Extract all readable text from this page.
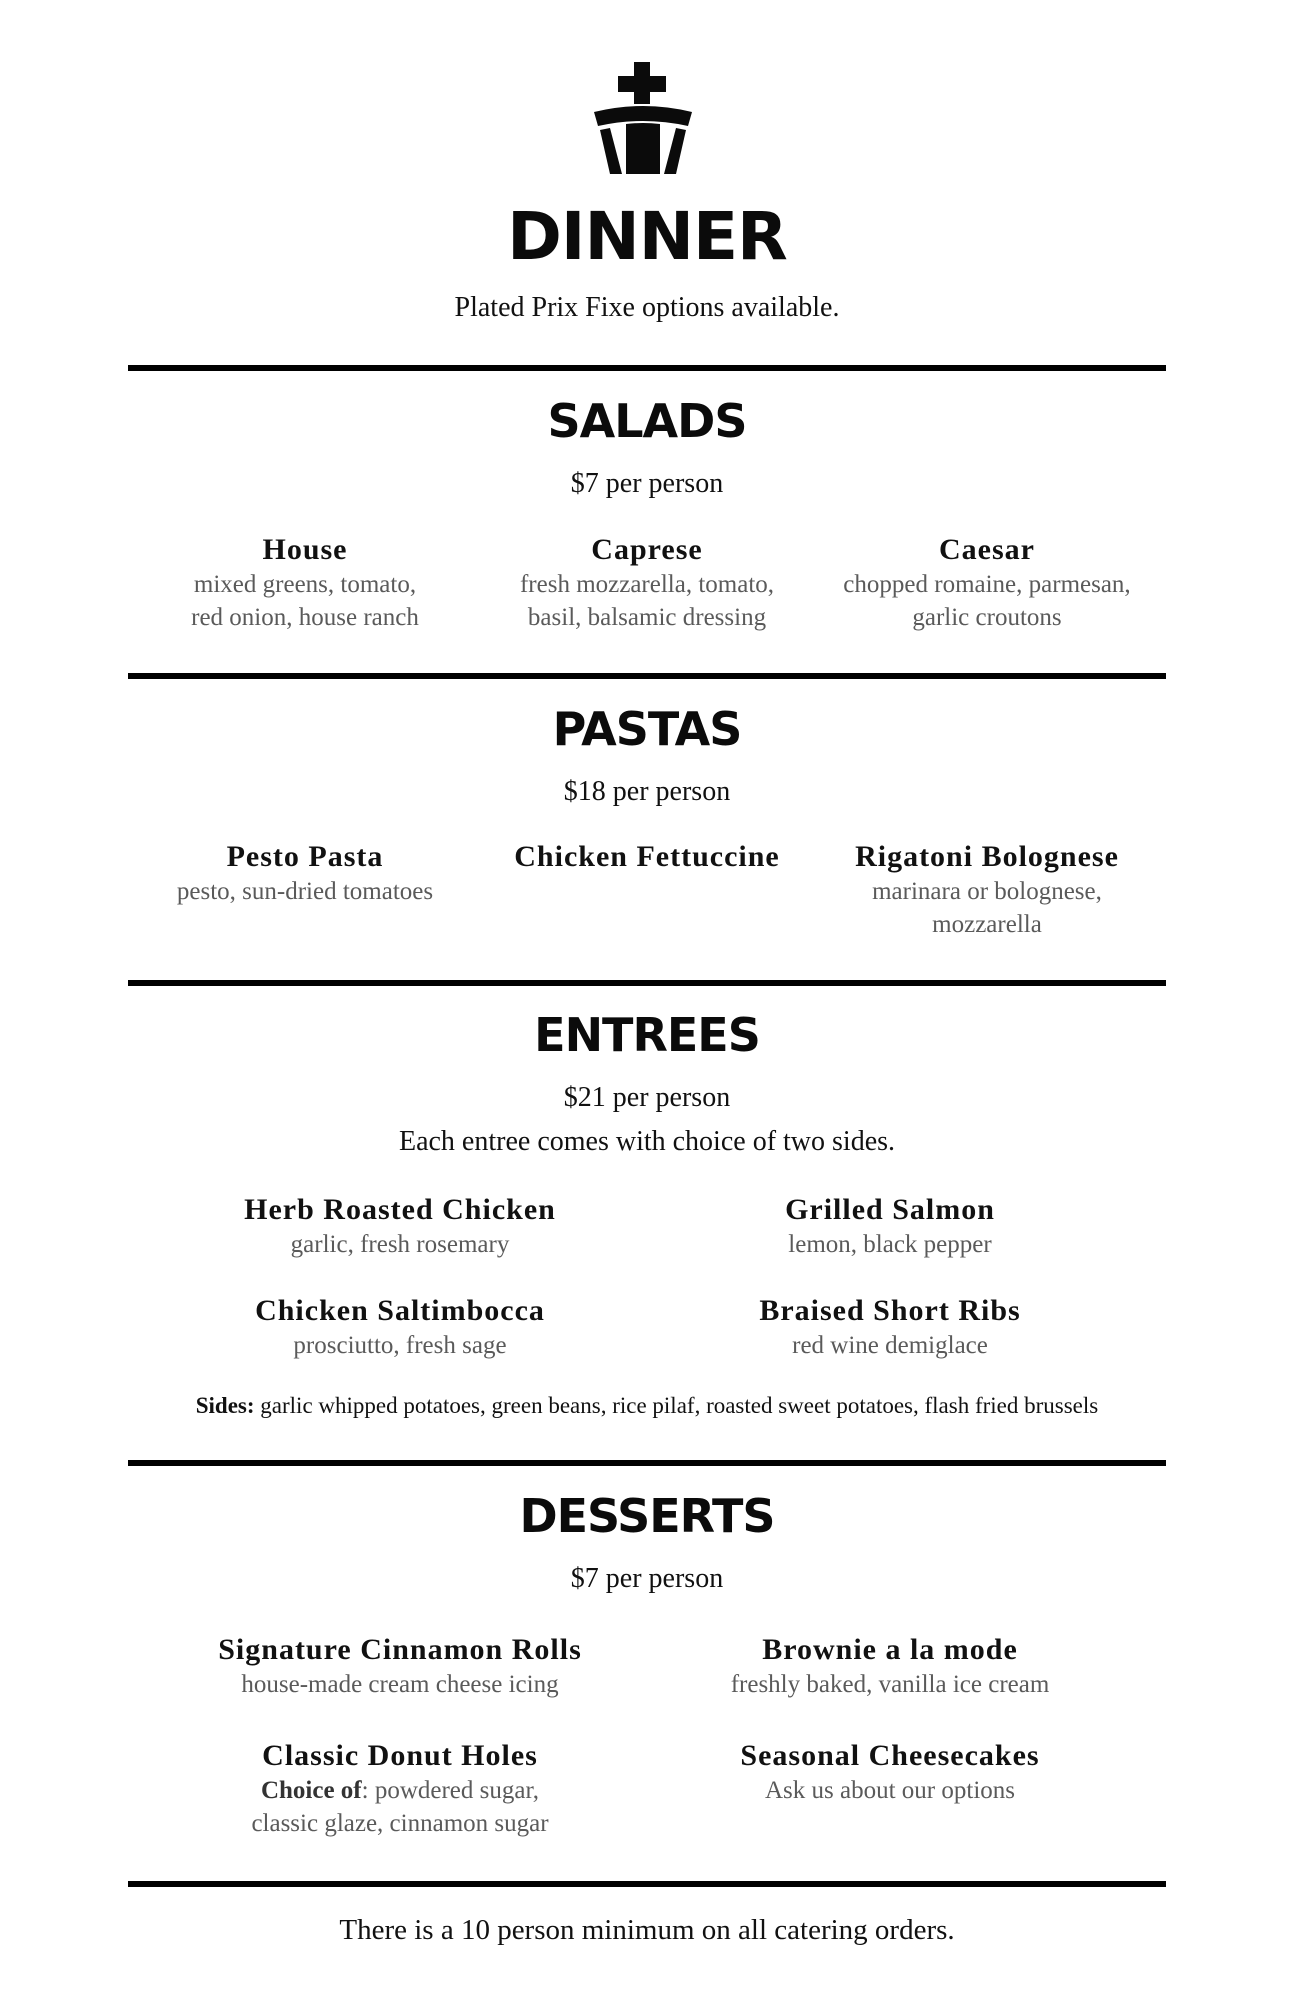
DINNER
Plated Prix Fixe options available.
SALADS
$7 per person
House
mixed greens, tomato,
red onion, house ranch
Caprese
fresh mozzarella, tomato,
basil, balsamic dressing
Caesar
chopped romaine, parmesan,
garlic croutons
PASTAS
$18 per person
Pesto Pasta
pesto, sun-dried tomatoes
Chicken Fettuccine	Rigatoni Bolognese
marinara or bolognese,
mozzarella
ENTREES
$21 per person
Each entree comes with choice of two sides.
Herb Roasted Chicken
garlic, fresh rosemary
Grilled Salmon
lemon, black pepper
Chicken Saltimbocca
prosciutto, fresh sage
Braised Short Ribs
red wine demiglace
Sides: garlic whipped potatoes, green beans, rice pilaf, roasted sweet potatoes, flash fried brussels
DESSERTS
$7 per person
Signature Cinnamon Rolls
house-made cream cheese icing
Brownie a la mode
freshly baked, vanilla ice cream
Classic Donut Holes
Choice of: powdered sugar,
classic glaze, cinnamon sugar
Seasonal Cheesecakes
Ask us about our options
There is a 10 person minimum on all catering orders.
